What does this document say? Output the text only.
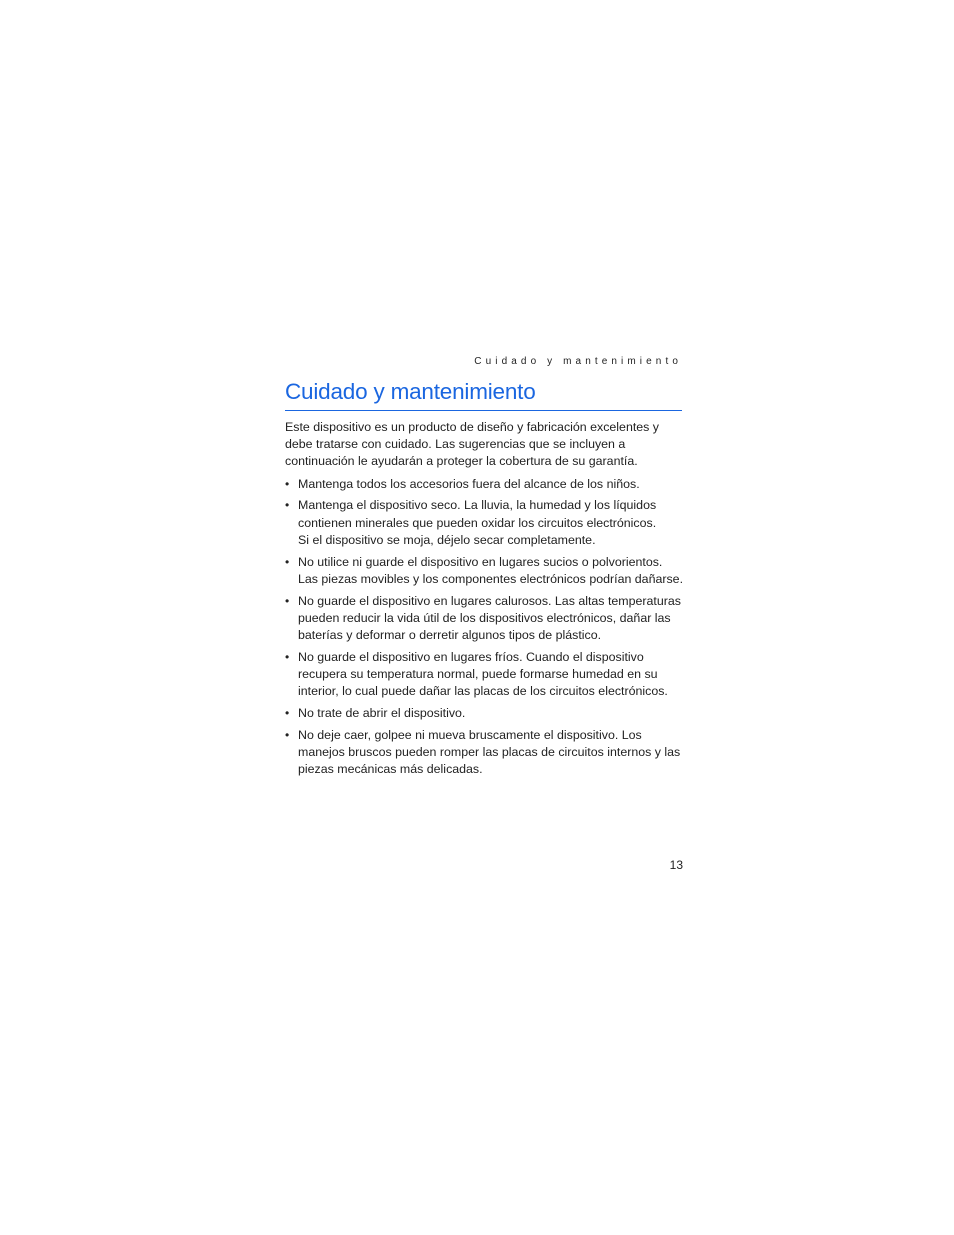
Cuidado y mantenimiento
Cuidado y mantenimiento

Este dispositivo es un producto de diseño y fabricación excelentes y debe tratarse con cuidado. Las sugerencias que se incluyen a continuación le ayudarán a proteger la cobertura de su garantía.

• Mantenga todos los accesorios fuera del alcance de los niños.
• Mantenga el dispositivo seco. La lluvia, la humedad y los líquidos contienen minerales que pueden oxidar los circuitos electrónicos.
Si el dispositivo se moja, déjelo secar completamente.
• No utilice ni guarde el dispositivo en lugares sucios o polvorientos.
Las piezas movibles y los componentes electrónicos podrían dañarse.
• No guarde el dispositivo en lugares calurosos. Las altas temperaturas pueden reducir la vida útil de los dispositivos electrónicos, dañar las baterías y deformar o derretir algunos tipos de plástico.
• No guarde el dispositivo en lugares fríos. Cuando el dispositivo recupera su temperatura normal, puede formarse humedad en su interior, lo cual puede dañar las placas de los circuitos electrónicos.
• No trate de abrir el dispositivo.
• No deje caer, golpee ni mueva bruscamente el dispositivo. Los manejos bruscos pueden romper las placas de circuitos internos y las piezas mecánicas más delicadas.
13
